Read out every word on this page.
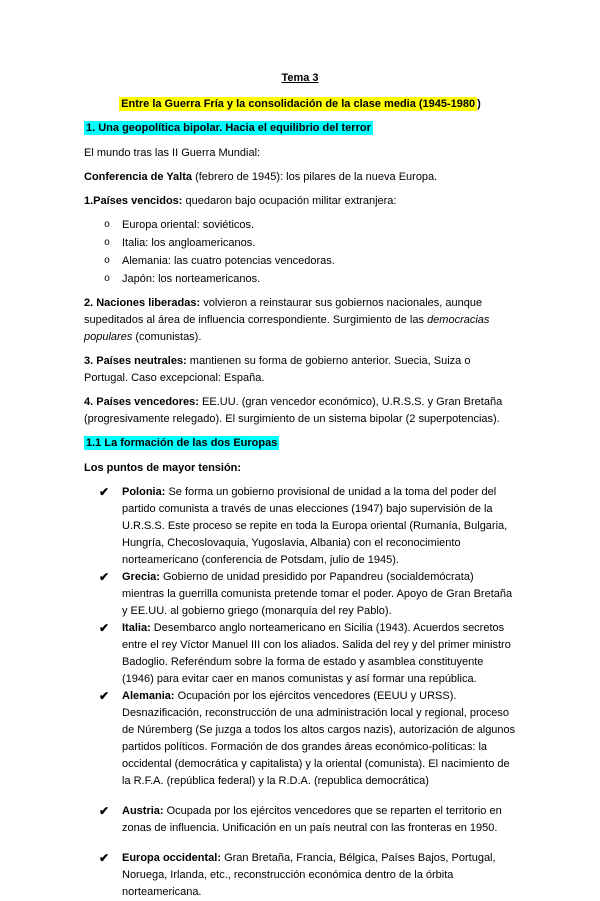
Tema 3
Entre la Guerra Fría y la consolidación de la clase media (1945-1980 )
1. Una geopolítica bipolar. Hacia el equilibrio del terror

El mundo tras las II Guerra Mundial:

Conferencia de Yalta (febrero de 1945): los pilares de la nueva Europa.

1.Países vencidos: quedaron bajo ocupación militar extranjera:

o	Europa oriental: soviéticos.
o	Italia: los angloamericanos.
o	Alemania: las cuatro potencias vencedoras.
o	Japón: los norteamericanos.

2. Naciones liberadas: volvieron a reinstaurar sus gobiernos nacionales, aunque supeditados al área de influencia correspondiente. Surgimiento de las democracias populares (comunistas).

3. Países neutrales: mantienen su forma de gobierno anterior. Suecia, Suiza o Portugal. Caso excepcional: España.

4. Países vencedores: EE.UU. (gran vencedor económico), U.R.S.S. y Gran Bretaña (progresivamente relegado). El surgimiento de un sistema bipolar (2 superpotencias).

1.1 La formación de las dos Europas

Los puntos de mayor tensión:

✔	Polonia: Se forma un gobierno provisional de unidad a la toma del poder del partido comunista a través de unas elecciones (1947) bajo supervisión de la U.R.S.S. Este proceso se repite en toda la Europa oriental (Rumanía, Bulgaria, Hungría, Checoslovaquia, Yugoslavia, Albania) con el reconocimiento norteamericano (conferencia de Potsdam, julio de 1945).
✔	Grecia: Gobierno de unidad presidido por Papandreu (socialdemócrata) mientras la guerrilla comunista pretende tomar el poder. Apoyo de Gran Bretaña y EE.UU. al gobierno griego (monarquía del rey Pablo).
✔	Italia: Desembarco anglo norteamericano en Sicilia (1943). Acuerdos secretos entre el rey Víctor Manuel III con los aliados. Salida del rey y del primer ministro Badoglio. Referéndum sobre la forma de estado y asamblea constituyente (1946) para evitar caer en manos comunistas y así formar una república.
✔	Alemania: Ocupación por los ejércitos vencedores (EEUU y URSS). Desnazificación, reconstrucción de una administración local y regional, proceso de Núremberg (Se juzga a todos los altos cargos nazis), autorización de algunos partidos políticos. Formación de dos grandes áreas económico-políticas: la occidental (democrática y capitalista) y la oriental (comunista). El nacimiento de la R.F.A. (república federal) y la R.D.A. (republica democrática)
✔	Austria: Ocupada por los ejércitos vencedores que se reparten el territorio en zonas de influencia. Unificación en un país neutral con las fronteras en 1950.
✔	Europa occidental: Gran Bretaña, Francia, Bélgica, Países Bajos, Portugal, Noruega, Irlanda, etc., reconstrucción económica dentro de la órbita norteamericana.
